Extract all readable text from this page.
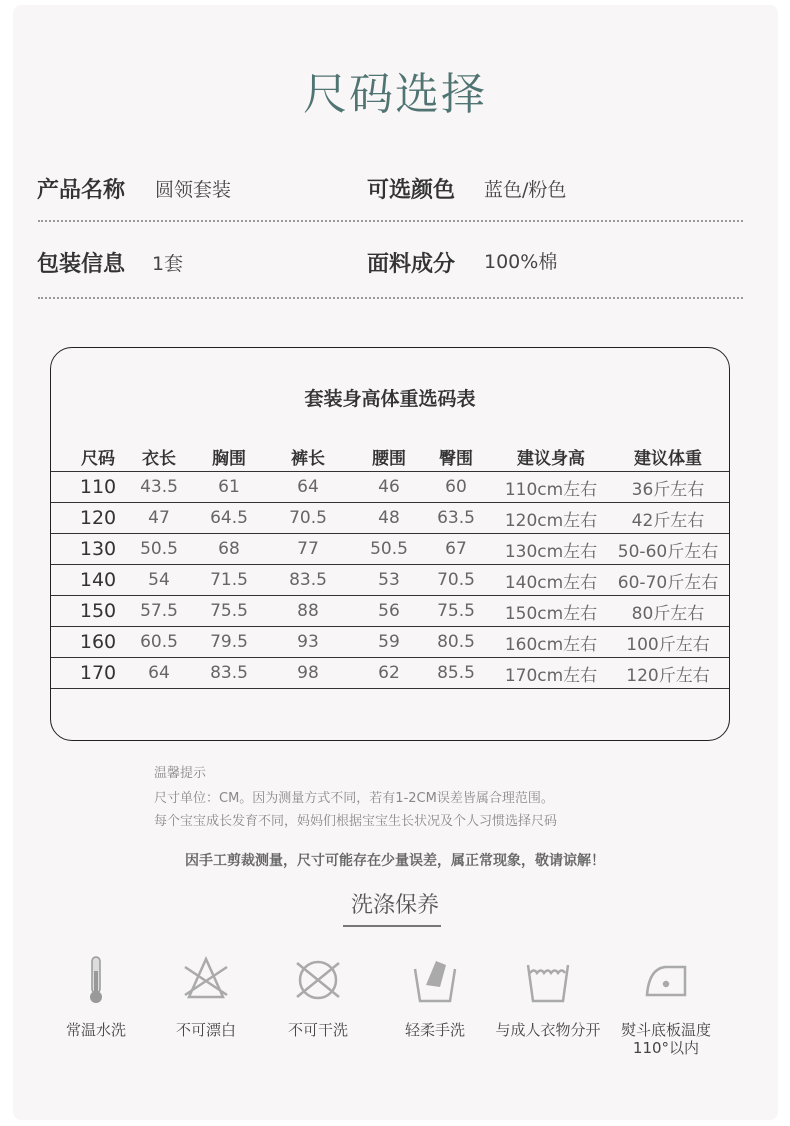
尺码选择
产品名称 圆领套装	可选颜色 蓝色/粉色
包装信息 1套	面料成分 100%棉
套装身高体重选码表
尺码 衣长 胸围	裤长	腰围 臀围	建议身高	建议体重
110 43.5 61	64	46	60 110cm左右 36斤左右
120 47 64.5 70.5	48 63.5 120cm左右 42斤左右
130 50.5 68	77	50.5 67 130cm左右 50-60斤左右
140 54 71.5 83.5	53 70.5 140cm左右 60-70斤左右
150 57.5 75.5	88	56 75.5 150cm左右 80斤左右
160 60.5 79.5	93	59 80.5 160cm左右 100斤左右
170 64 83.5	98	62 85.5 170cm左右 120斤左右
温馨提示
尺寸单位：CM。因为测量方式不同，若有1-2CM误差皆属合理范围。
每个宝宝成长发育不同，妈妈们根据宝宝生长状况及个人习惯选择尺码
因手工剪裁测量，尺寸可能存在少量误差，属正常现象，敬请谅解！
洗涤保养
常温水洗	不可漂白	不可干洗	轻柔手洗	与成人衣物分开	熨斗底板温度
110°以内
